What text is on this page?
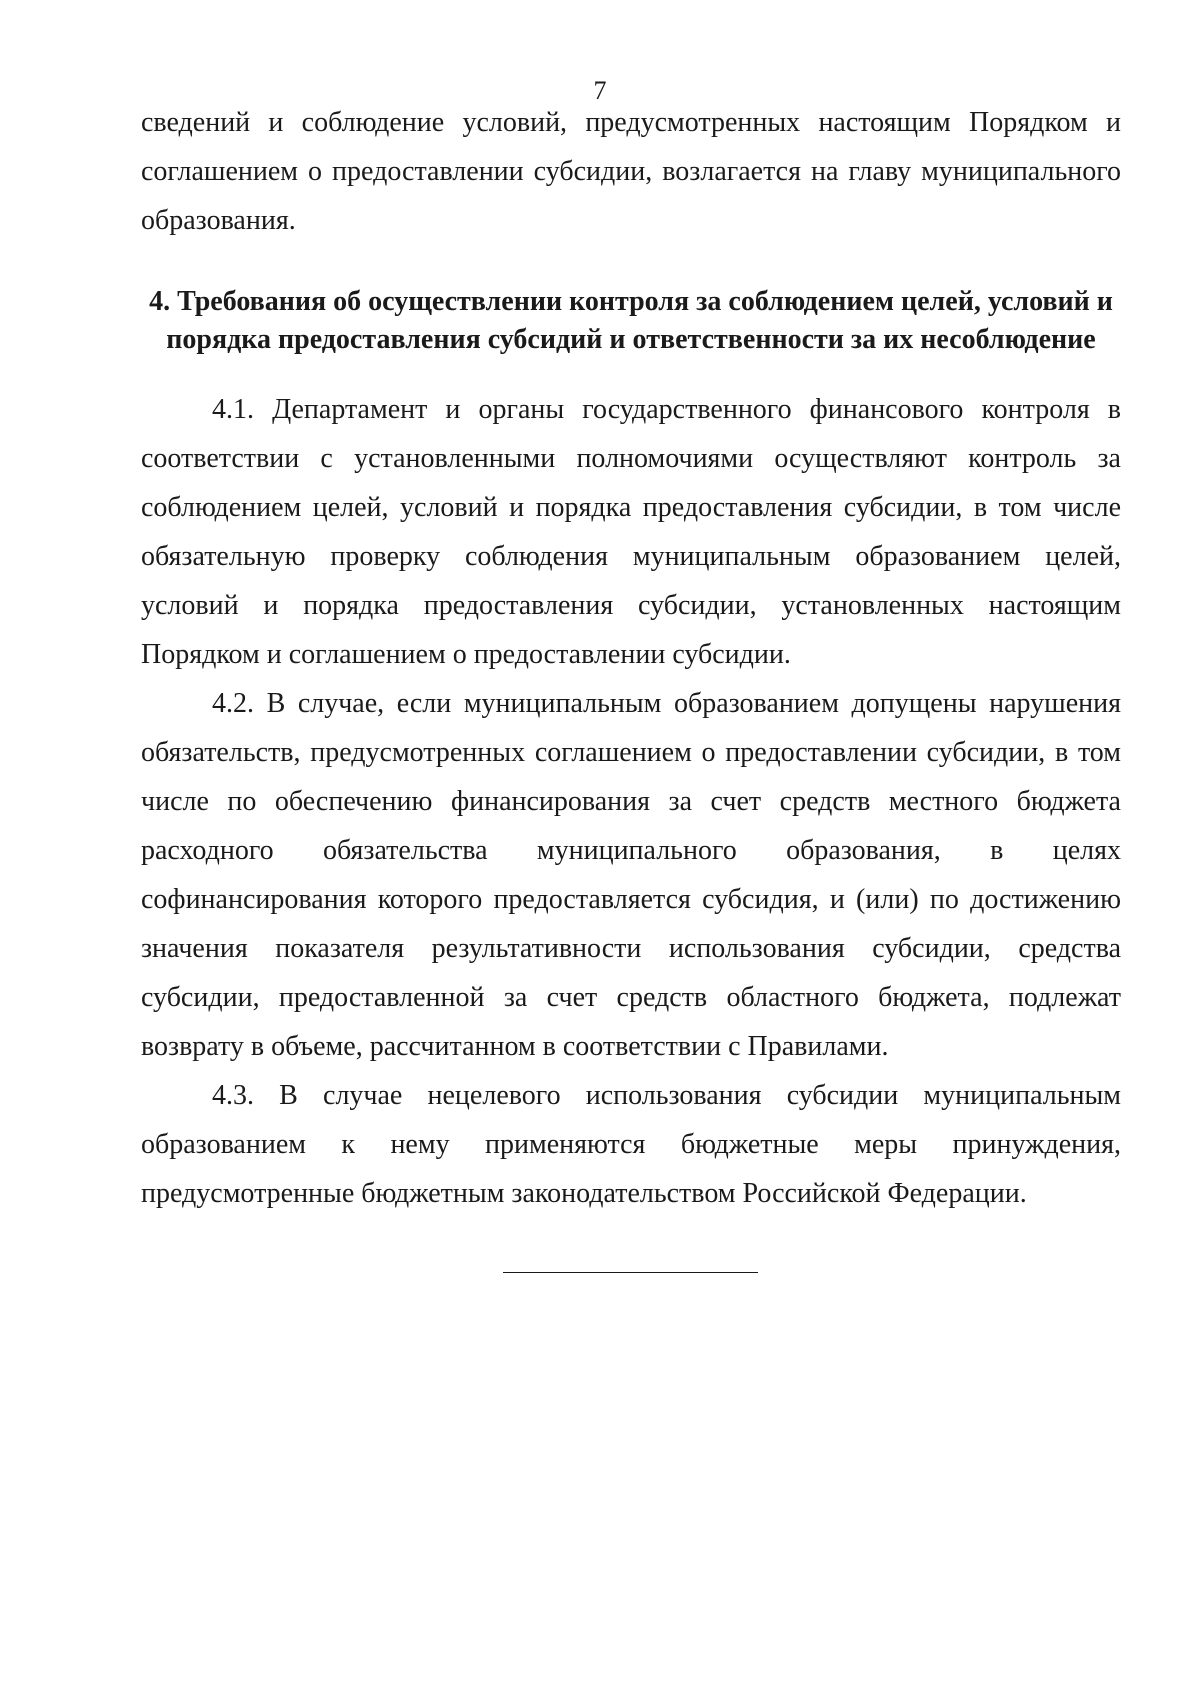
7

сведений и соблюдение условий, предусмотренных настоящим Порядком и соглашением о предоставлении субсидии, возлагается на главу муниципального образования.

4. Требования об осуществлении контроля за соблюдением целей, условий и порядка предоставления субсидий и ответственности за их несоблюдение

4.1. Департамент и органы государственного финансового контроля в соответствии с установленными полномочиями осуществляют контроль за соблюдением целей, условий и порядка предоставления субсидии, в том числе обязательную проверку соблюдения муниципальным образованием целей, условий и порядка предоставления субсидии, установленных настоящим Порядком и соглашением о предоставлении субсидии.

4.2. В случае, если муниципальным образованием допущены нарушения обязательств, предусмотренных соглашением о предоставлении субсидии, в том числе по обеспечению финансирования за счет средств местного бюджета расходного обязательства муниципального образования, в целях софинансирования которого предоставляется субсидия, и (или) по достижению значения показателя результативности использования субсидии, средства субсидии, предоставленной за счет средств областного бюджета, подлежат возврату в объеме, рассчитанном в соответствии с Правилами.

4.3. В случае нецелевого использования субсидии муниципальным образованием к нему применяются бюджетные меры принуждения, предусмотренные бюджетным законодательством Российской Федерации.
